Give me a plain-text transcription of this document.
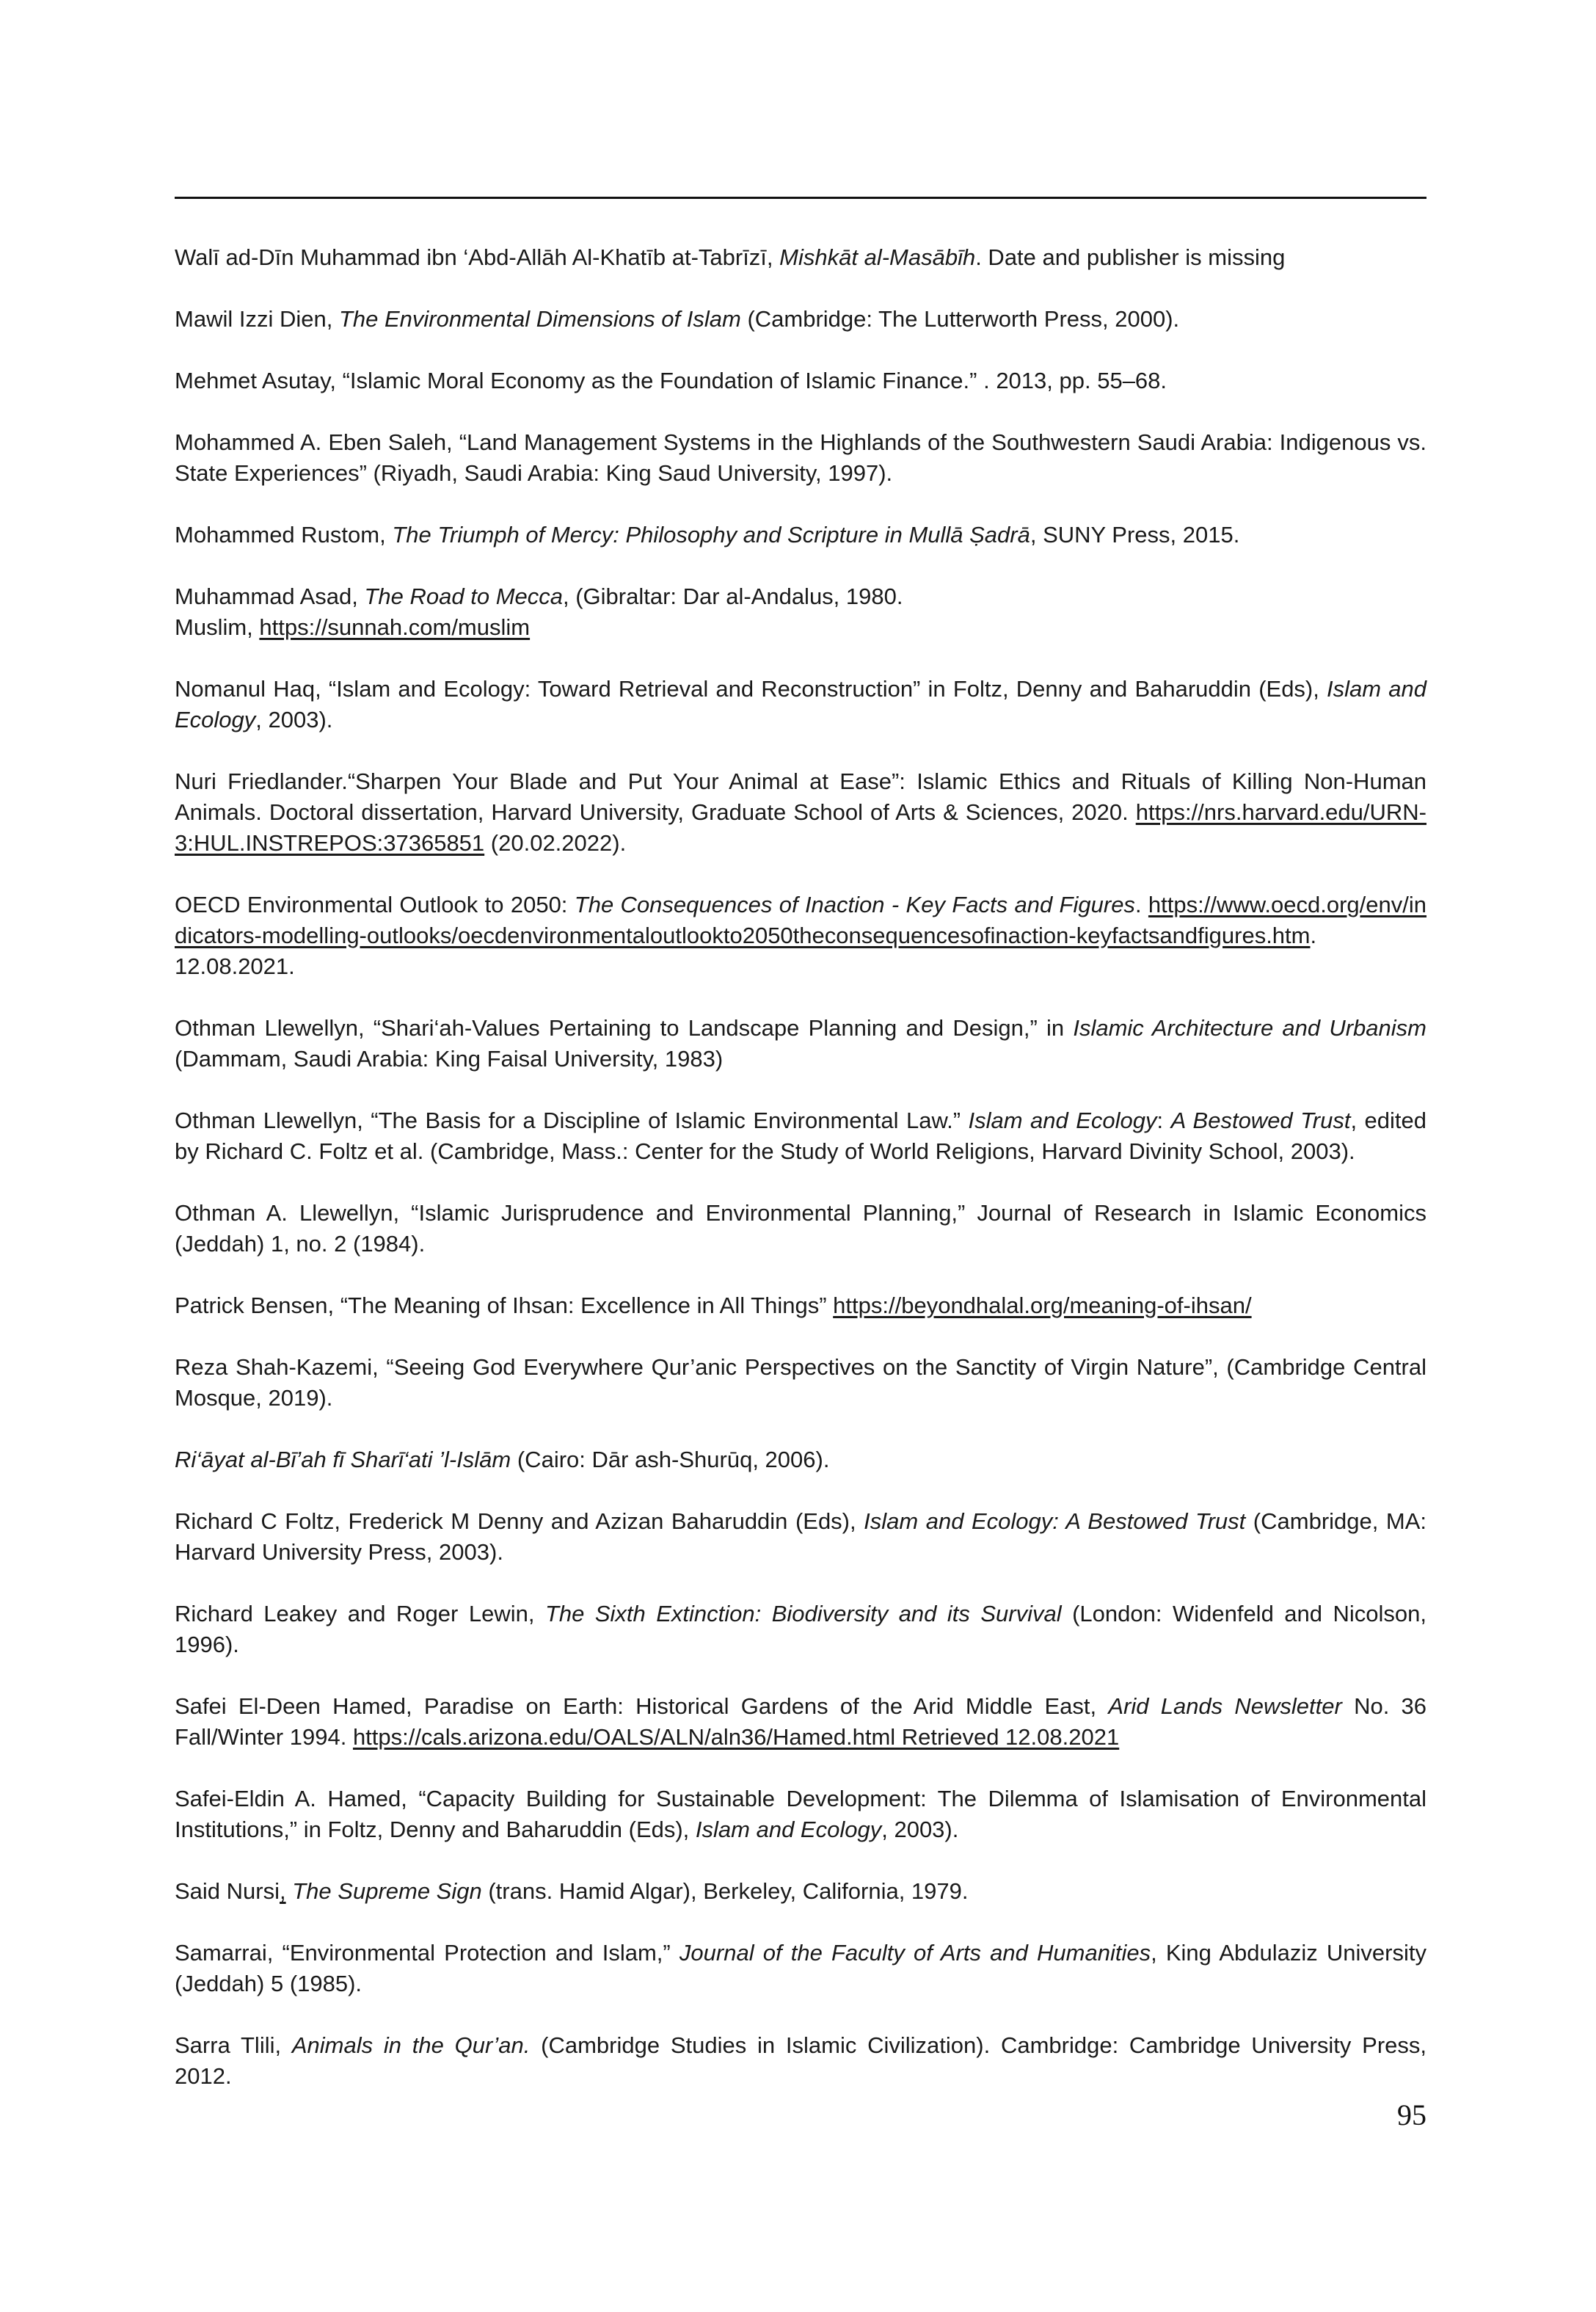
Walī ad-Dīn Muhammad ibn ‘Abd-Allāh Al-Khatīb at-Tabrīzī, Mishkāt al-Masābīh. Date and publisher is missing

Mawil Izzi Dien, The Environmental Dimensions of Islam (Cambridge: The Lutterworth Press, 2000).

Mehmet Asutay, “Islamic Moral Economy as the Foundation of Islamic Finance.” . 2013, pp. 55–68.

Mohammed A. Eben Saleh, “Land Management Systems in the Highlands of the Southwestern Saudi Arabia: Indigenous vs. State Experiences” (Riyadh, Saudi Arabia: King Saud University, 1997).

Mohammed Rustom, The Triumph of Mercy: Philosophy and Scripture in Mullā Ṣadrā, SUNY Press, 2015.

Muhammad Asad, The Road to Mecca, (Gibraltar: Dar al-Andalus, 1980.
Muslim, https://sunnah.com/muslim

Nomanul Haq, “Islam and Ecology: Toward Retrieval and Reconstruction” in Foltz, Denny and Baharuddin (Eds), Islam and Ecology, 2003).

Nuri Friedlander.“Sharpen Your Blade and Put Your Animal at Ease”: Islamic Ethics and Rituals of Killing Non-Human Animals. Doctoral dissertation, Harvard University, Graduate School of Arts & Sciences, 2020. https://nrs.harvard.edu/URN-3:HUL.INSTREPOS:37365851 (20.02.2022).

OECD Environmental Outlook to 2050: The Consequences of Inaction - Key Facts and Figures. https://www.oecd.org/env/indicators-modelling-outlooks/oecdenvironmentaloutlookto2050theconsequencesofinaction-keyfactsandfigures.htm. 12.08.2021.

Othman Llewellyn, “Shari‘ah-Values Pertaining to Landscape Planning and Design,” in Islamic Architecture and Urbanism (Dammam, Saudi Arabia: King Faisal University, 1983)

Othman Llewellyn, “The Basis for a Discipline of Islamic Environmental Law.” Islam and Ecology: A Bestowed Trust, edited by Richard C. Foltz et al. (Cambridge, Mass.: Center for the Study of World Religions, Harvard Divinity School, 2003).

Othman A. Llewellyn, “Islamic Jurisprudence and Environmental Planning,” Journal of Research in Islamic Economics (Jeddah) 1, no. 2 (1984).

Patrick Bensen, “The Meaning of Ihsan: Excellence in All Things” https://beyondhalal.org/meaning-of-ihsan/

Reza Shah-Kazemi, “Seeing God Everywhere Qur’anic Perspectives on the Sanctity of Virgin Nature”, (Cambridge Central Mosque, 2019).

Ri‘āyat al-Bī’ah fī Sharī‘ati ’l-Islām (Cairo: Dār ash-Shurūq, 2006).

Richard C Foltz, Frederick M Denny and Azizan Baharuddin (Eds), Islam and Ecology: A Bestowed Trust (Cambridge, MA: Harvard University Press, 2003).

Richard Leakey and Roger Lewin, The Sixth Extinction: Biodiversity and its Survival (London: Widenfeld and Nicolson, 1996).

Safei El-Deen Hamed, Paradise on Earth: Historical Gardens of the Arid Middle East, Arid Lands Newsletter No. 36 Fall/Winter 1994. https://cals.arizona.edu/OALS/ALN/aln36/Hamed.html Retrieved 12.08.2021

Safei-Eldin A. Hamed, “Capacity Building for Sustainable Development: The Dilemma of Islamisation of Environmental Institutions,” in Foltz, Denny and Baharuddin (Eds), Islam and Ecology, 2003).

Said Nursi, The Supreme Sign (trans. Hamid Algar), Berkeley, California, 1979.

Samarrai, “Environmental Protection and Islam,” Journal of the Faculty of Arts and Humanities, King Abdulaziz University (Jeddah) 5 (1985).

Sarra Tlili, Animals in the Qur’an. (Cambridge Studies in Islamic Civilization). Cambridge: Cambridge University Press, 2012.

95
